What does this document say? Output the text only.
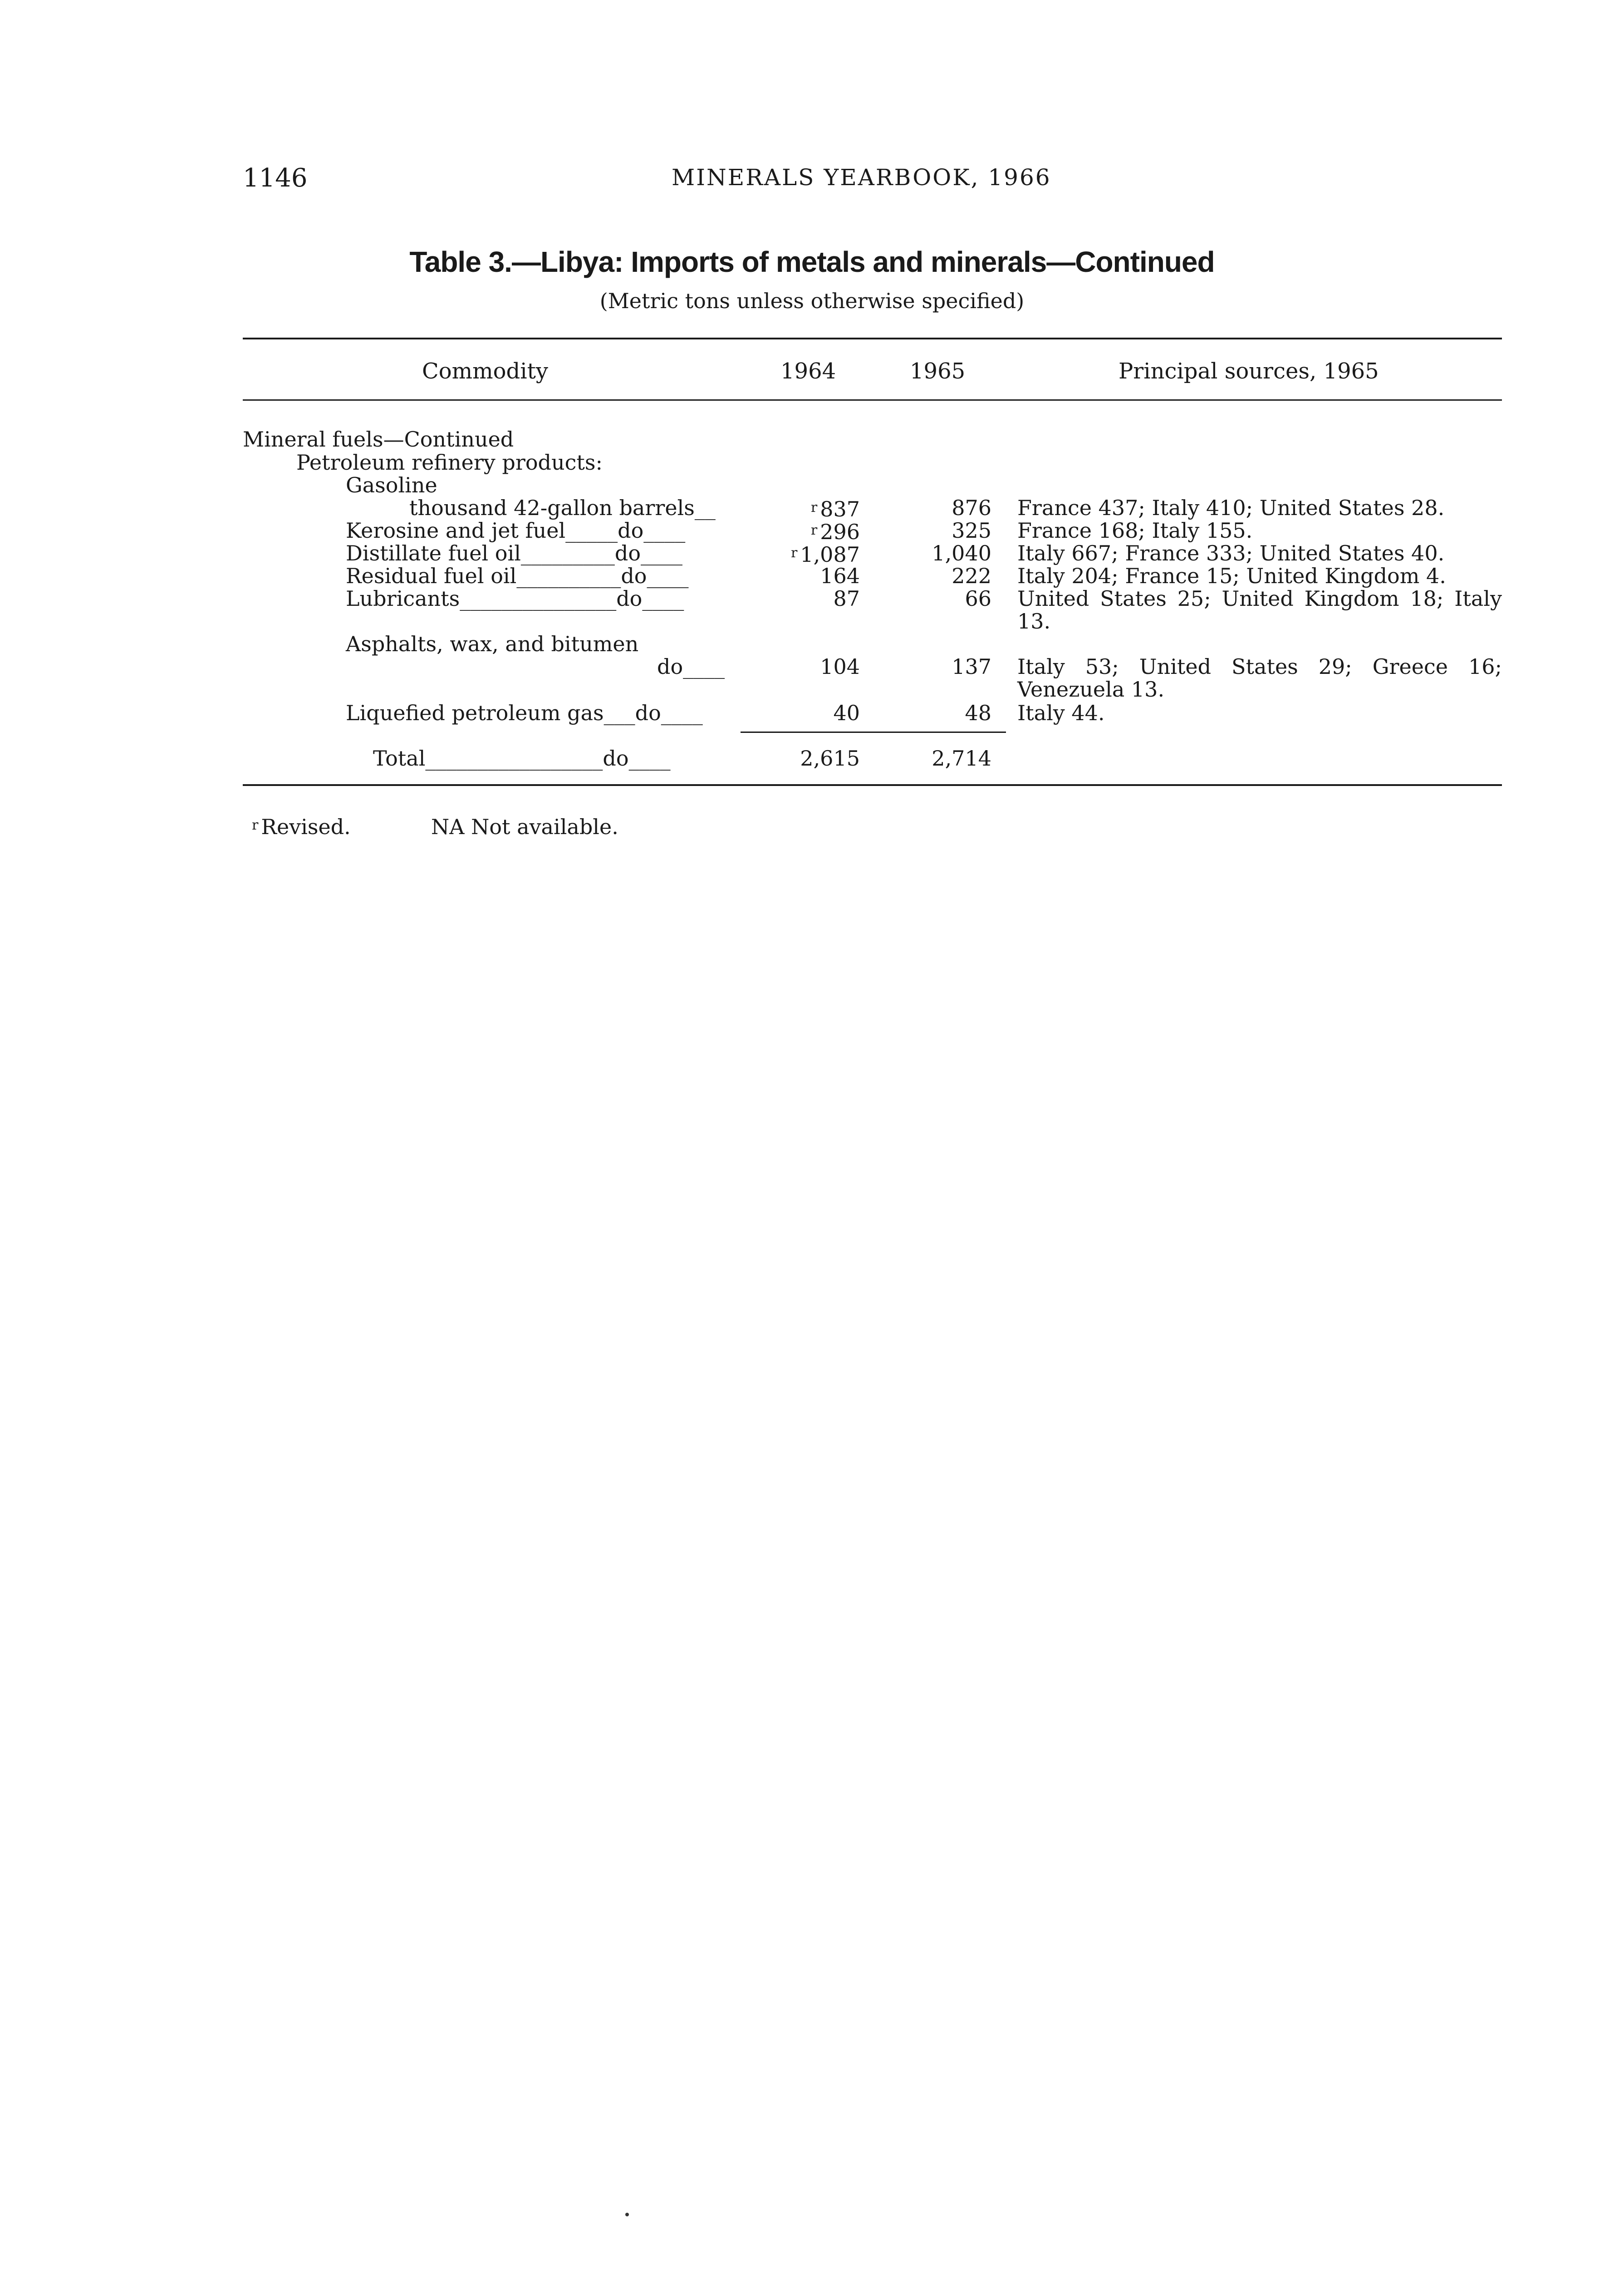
1146	MINERALS YEARBOOK, 1966
Table 3.—Libya: Imports of metals and minerals—Continued
(Metric tons unless otherwise specified)
Commodity	1964	1965	Principal sources, 1965
Mineral fuels—Continued
Petroleum refinery products:
Gasoline
thousand 42-gallon barrels__	$^r$ 837	876 France 437; Italy 410; United States 28.
Kerosine and jet fuel_____do____	$^r$ 296	325 France 168; Italy 155.
Distillate fuel oil_________do____	$^r$ 1,087	1,040 Italy 667; France 333; United States 40.
Residual fuel oil__________do____	164	222 Italy 204; France 15; United Kingdom 4.
Lubricants_______________do____	87	66 United States 25; United Kingdom 18; Italy 13.
Asphalts, wax, and bitumen
do____	104	137 Italy 53; United States 29; Greece 16; Venezuela 13.
Liquefied petroleum gas___do____	40	48 Italy 44.
Total_________________do____	2,615	2,714
$^r$ Revised.	NA Not available.
